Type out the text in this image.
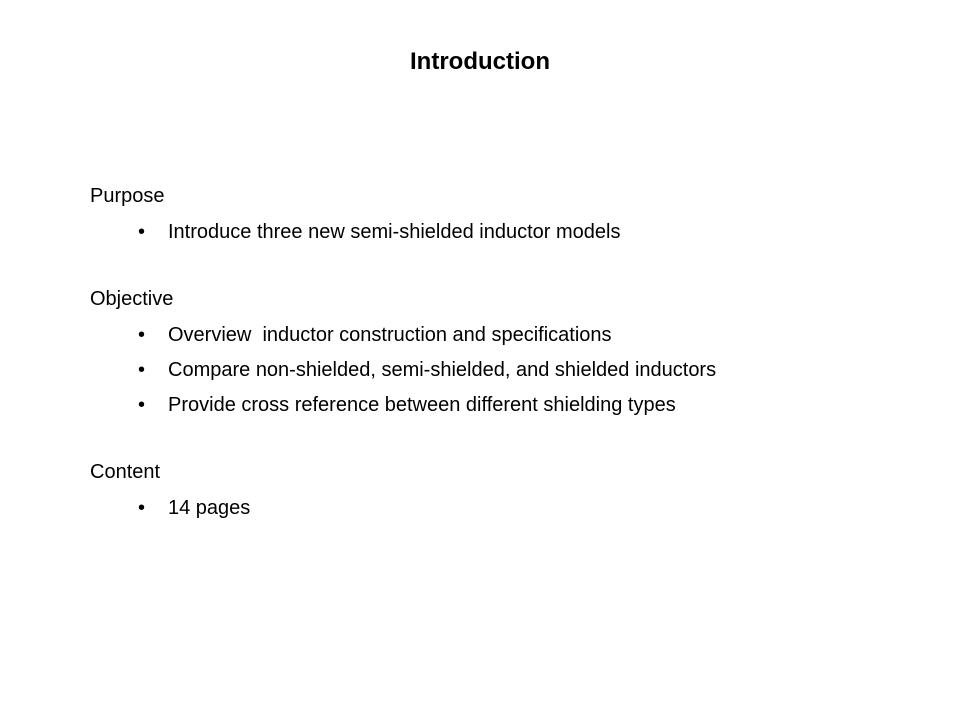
Introduction
Purpose
• Introduce three new semi-shielded inductor models
Objective
• Overview  inductor construction and specifications
• Compare non-shielded, semi-shielded, and shielded inductors
• Provide cross reference between different shielding types
Content
• 14 pages
